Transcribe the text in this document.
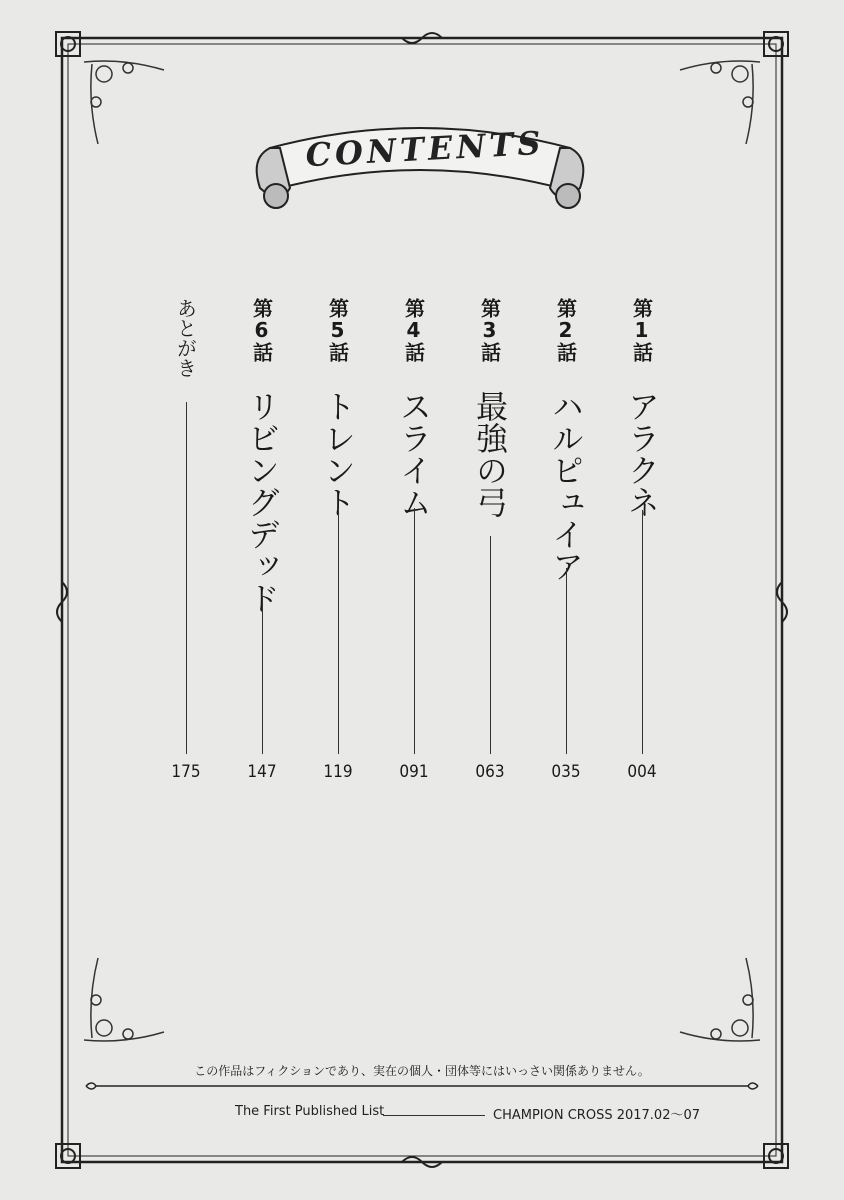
CONTENTS
第1話
アラクネ
004
第2話
ハルピュイア
035
第3話
最強の弓
063
第4話
スライム
091
第5話
トレント
119
第6話
リビングデッド
147
あとがき
175
この作品はフィクションであり、実在の個人・団体等にはいっさい関係ありません。
The First Published List	CHAMPION CROSS 2017.02〜07
